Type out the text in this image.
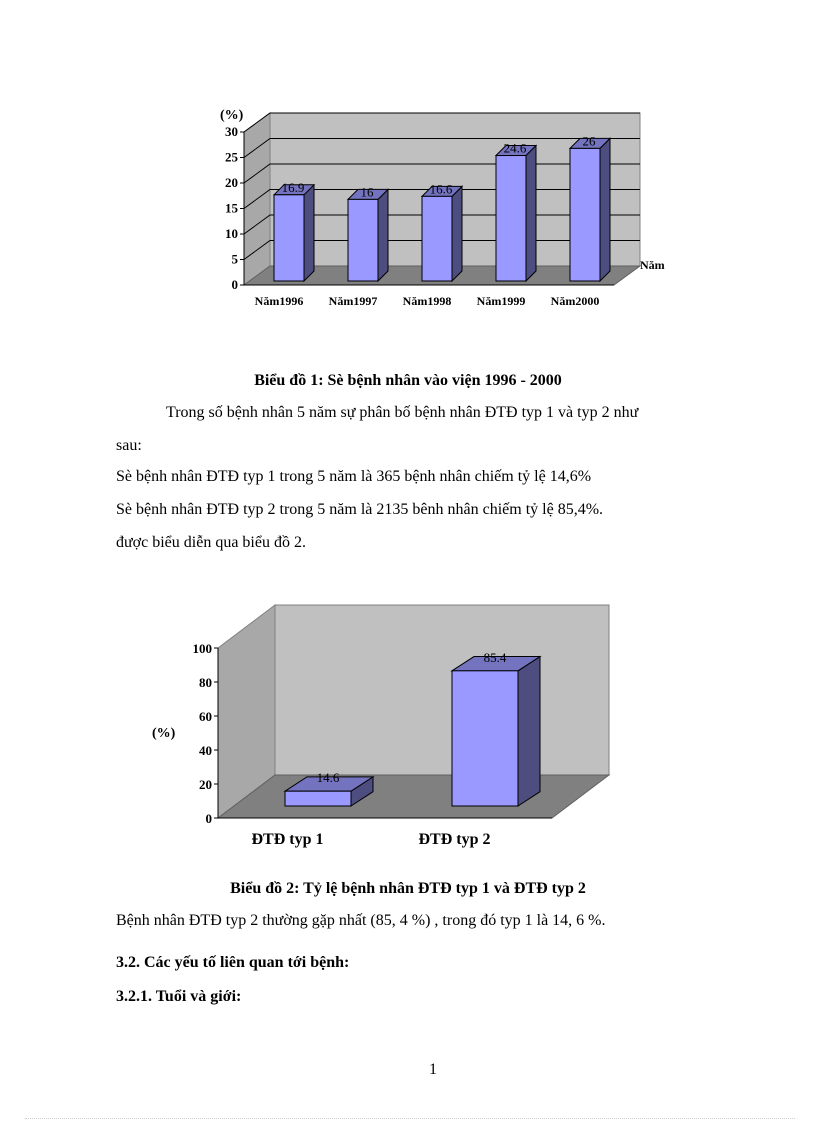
0
5
10
15
20
25
30
(%)
Năm
16.9
Năm1996
16
Năm1997
16.6
Năm1998
24.6
Năm1999
26
Năm2000
Biểu đồ 1: Sè bệnh nhân vào viện 1996 - 2000
Trong số bệnh nhân 5 năm sự phân bố bệnh nhân ĐTĐ typ 1 và typ 2 như
sau:
Sè bệnh nhân ĐTĐ typ 1 trong 5 năm là 365 bệnh nhân chiếm tỷ lệ 14,6%
Sè bệnh nhân ĐTĐ typ 2 trong 5 năm là 2135 bênh nhân chiếm tỷ lệ 85,4%.
được biểu diễn qua biểu đồ 2.
0
20
40
60
80
100
(%)
14.6
ĐTĐ typ 1
85.4
ĐTĐ typ 2
Biểu đồ 2: Tỷ lệ bệnh nhân ĐTĐ typ 1 và ĐTĐ typ 2
Bệnh nhân ĐTĐ typ 2 thường gặp nhất (85, 4 %) , trong đó typ 1 là 14, 6 %.
3.2. Các yếu tố liên quan tới bệnh:
3.2.1. Tuổi và giới:
1
